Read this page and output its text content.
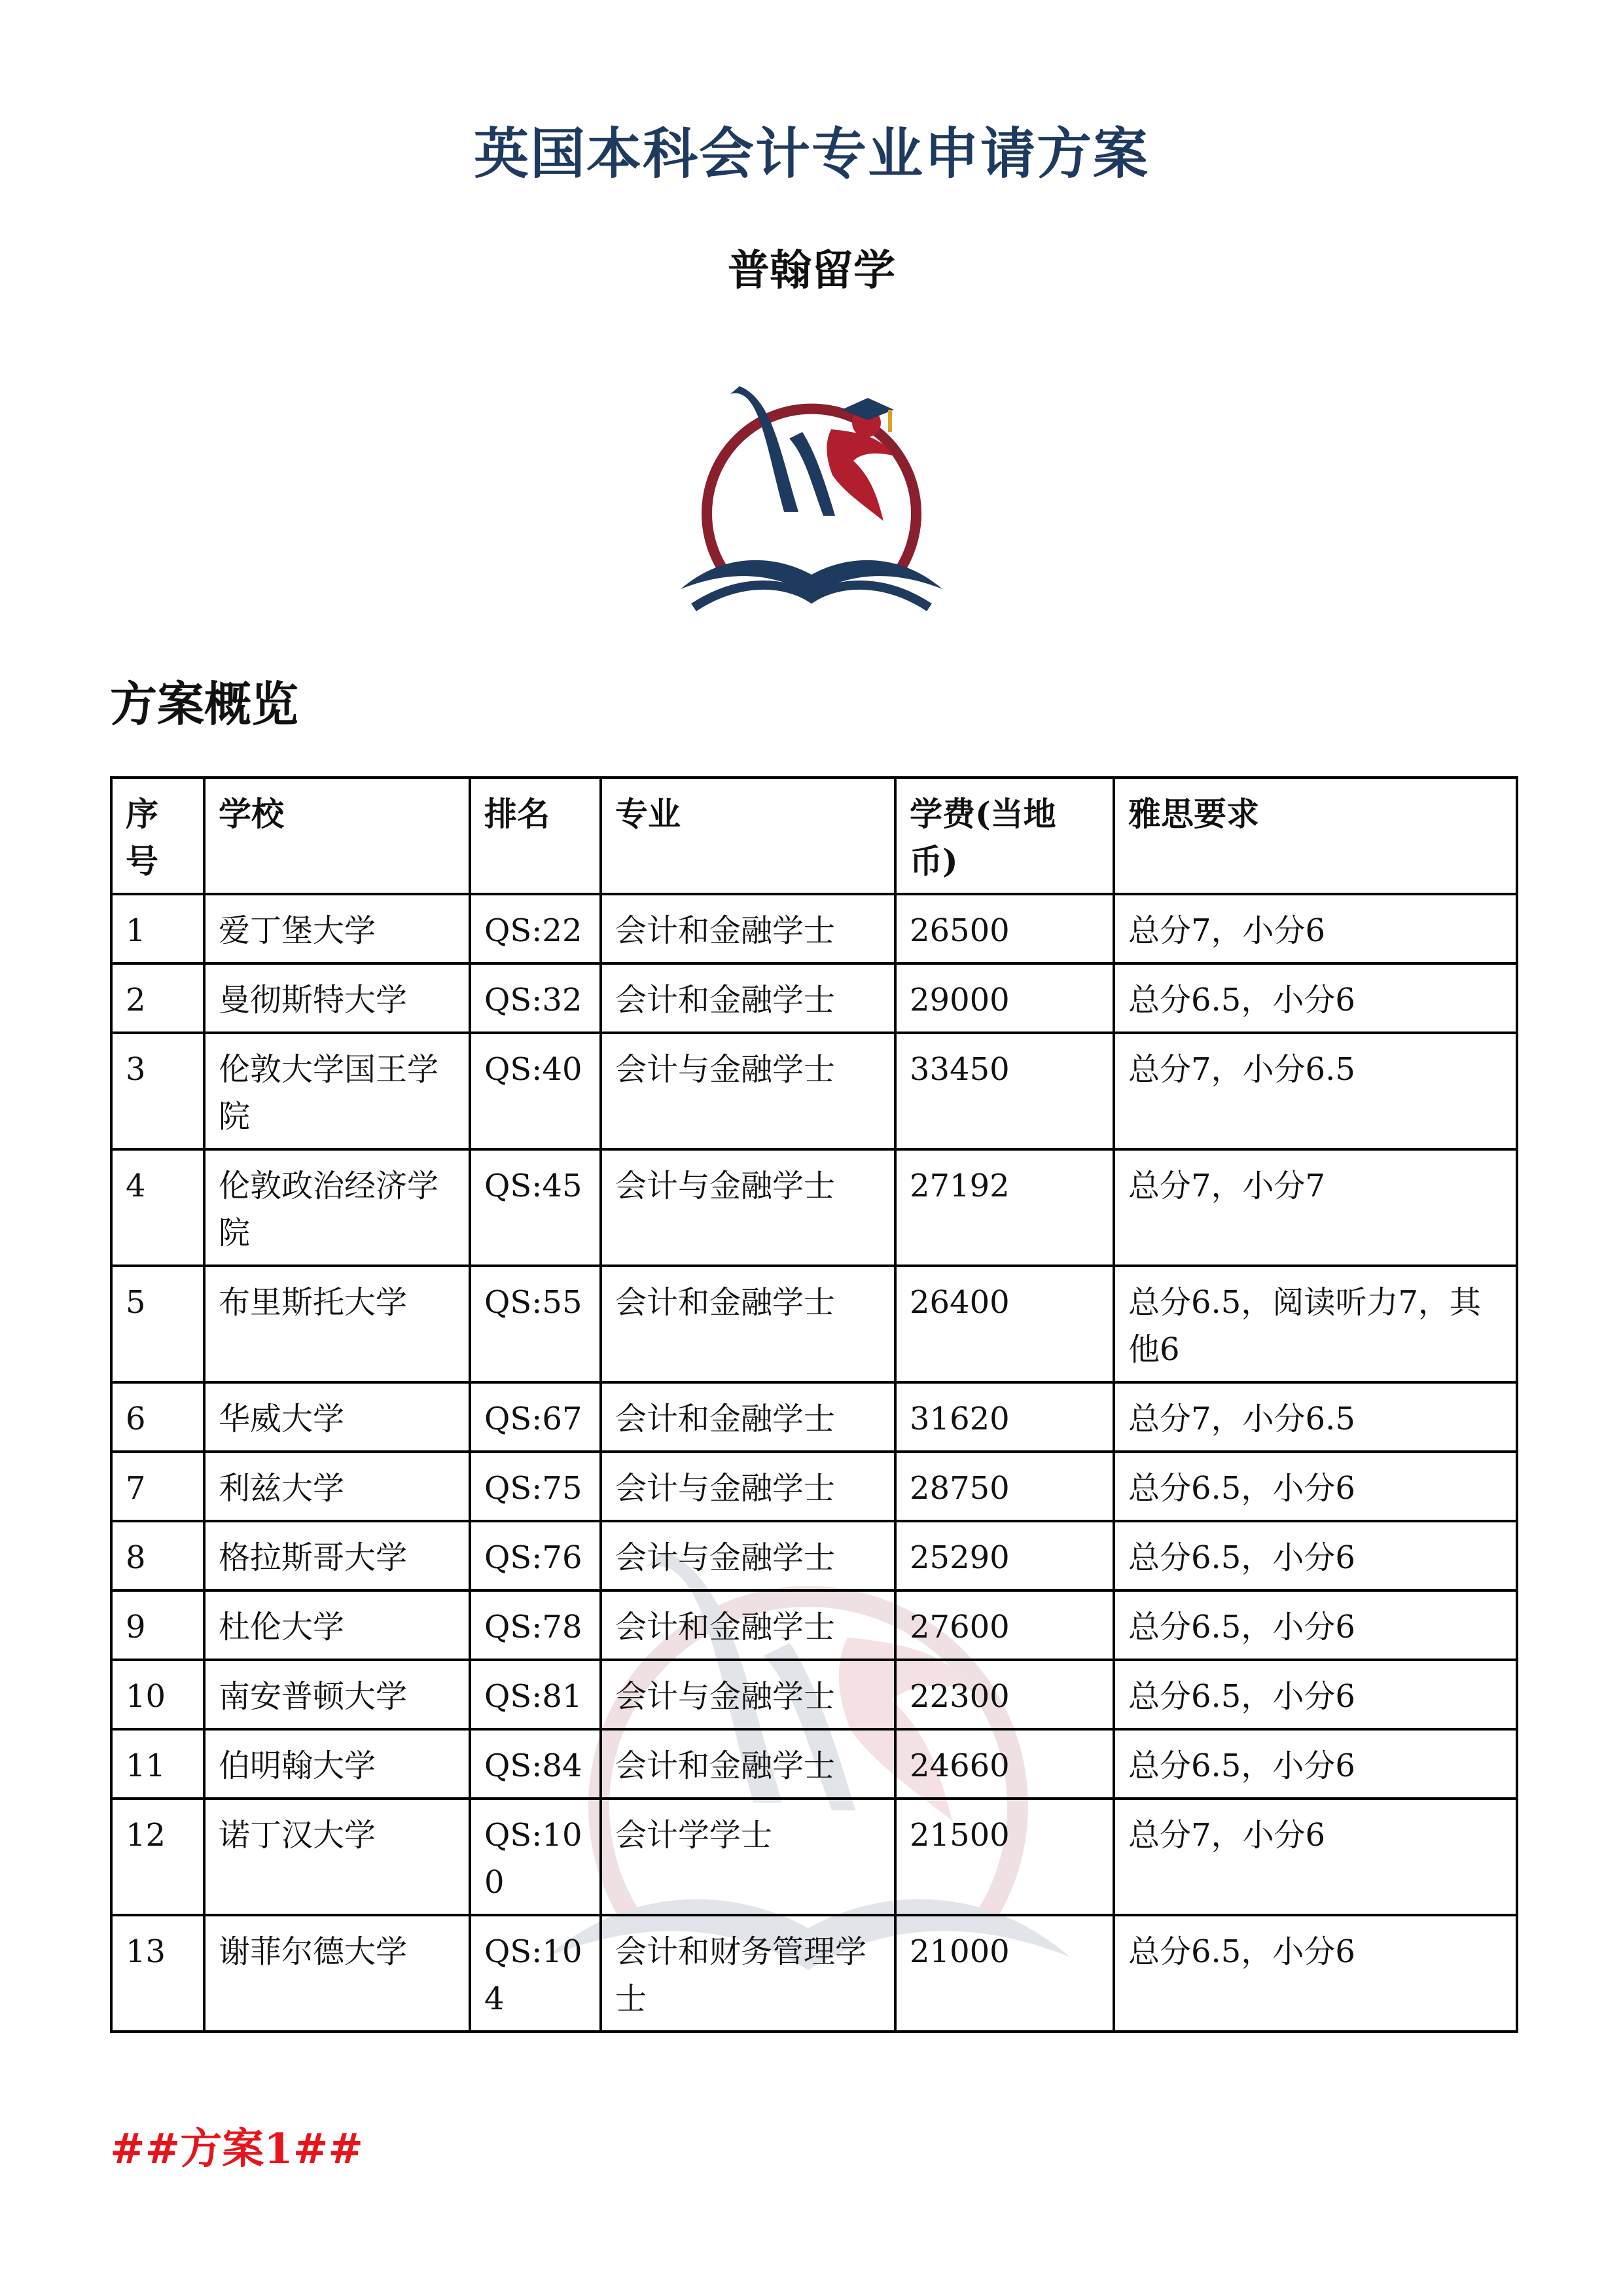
英国本科会计专业申请方案
普翰留学
方案概览
序号	学校	排名	专业	学费(当地币)	雅思要求
1	爱丁堡大学	QS:22	会计和金融学士	26500	总分7，小分6
2	曼彻斯特大学	QS:32	会计和金融学士	29000	总分6.5，小分6
3	伦敦大学国王学院	QS:40	会计与金融学士	33450	总分7，小分6.5
4	伦敦政治经济学院	QS:45	会计与金融学士	27192	总分7，小分7
5	布里斯托大学	QS:55	会计和金融学士	26400	总分6.5，阅读听力7，其他6
6	华威大学	QS:67	会计和金融学士	31620	总分7，小分6.5
7	利兹大学	QS:75	会计与金融学士	28750	总分6.5，小分6
8	格拉斯哥大学	QS:76	会计与金融学士	25290	总分6.5，小分6
9	杜伦大学	QS:78	会计和金融学士	27600	总分6.5，小分6
10	南安普顿大学	QS:81	会计与金融学士	22300	总分6.5，小分6
11	伯明翰大学	QS:84	会计和金融学士	24660	总分6.5，小分6
12	诺丁汉大学	QS:100	会计学学士	21500	总分7，小分6
13	谢菲尔德大学	QS:104	会计和财务管理学士	21000	总分6.5，小分6
##方案1##
